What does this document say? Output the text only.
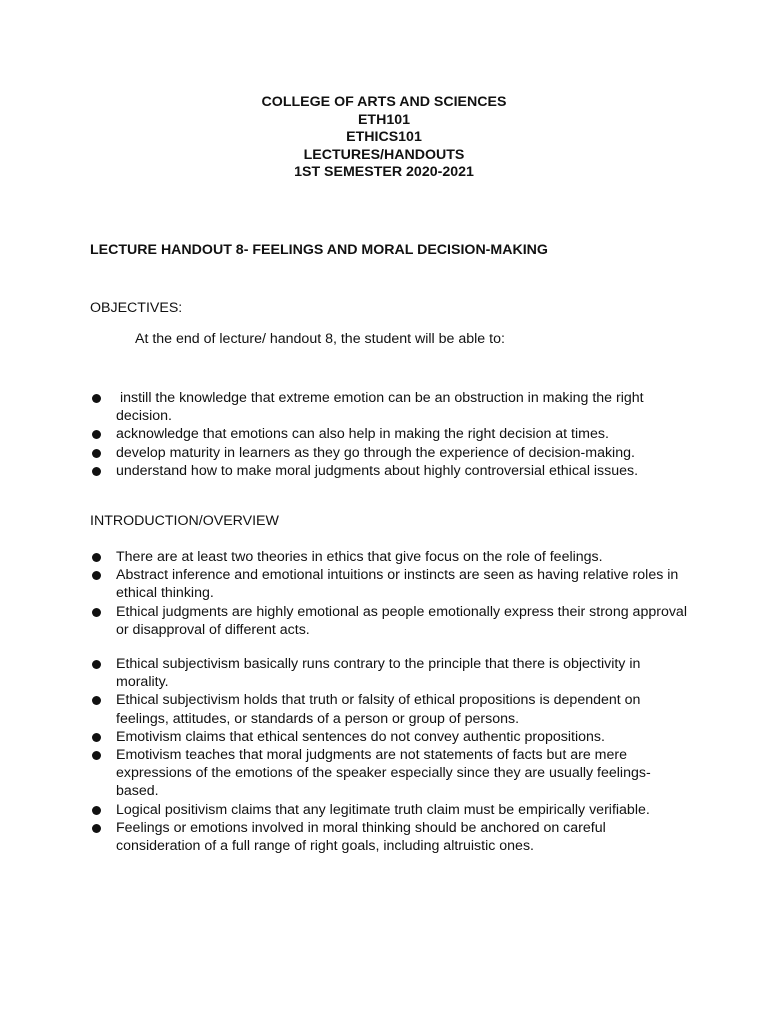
COLLEGE OF ARTS AND SCIENCES
ETH101
ETHICS101
LECTURES/HANDOUTS
1ST SEMESTER 2020-2021
LECTURE HANDOUT 8- FEELINGS AND MORAL DECISION-MAKING
OBJECTIVES:
At the end of lecture/ handout 8, the student will be able to:
instill the knowledge that extreme emotion can be an obstruction in making the right decision.
acknowledge that emotions can also help in making the right decision at times.
develop maturity in learners as they go through the experience of decision-making.
understand how to make moral judgments about highly controversial ethical issues.
INTRODUCTION/OVERVIEW
There are at least two theories in ethics that give focus on the role of feelings.
Abstract inference and emotional intuitions or instincts are seen as having relative roles in ethical thinking.
Ethical judgments are highly emotional as people emotionally express their strong approval or disapproval of different acts.
Ethical subjectivism basically runs contrary to the principle that there is objectivity in morality.
Ethical subjectivism holds that truth or falsity of ethical propositions is dependent on feelings, attitudes, or standards of a person or group of persons.
Emotivism claims that ethical sentences do not convey authentic propositions.
Emotivism teaches that moral judgments are not statements of facts but are mere expressions of the emotions of the speaker especially since they are usually feelings-based.
Logical positivism claims that any legitimate truth claim must be empirically verifiable.
Feelings or emotions involved in moral thinking should be anchored on careful consideration of a full range of right goals, including altruistic ones.
